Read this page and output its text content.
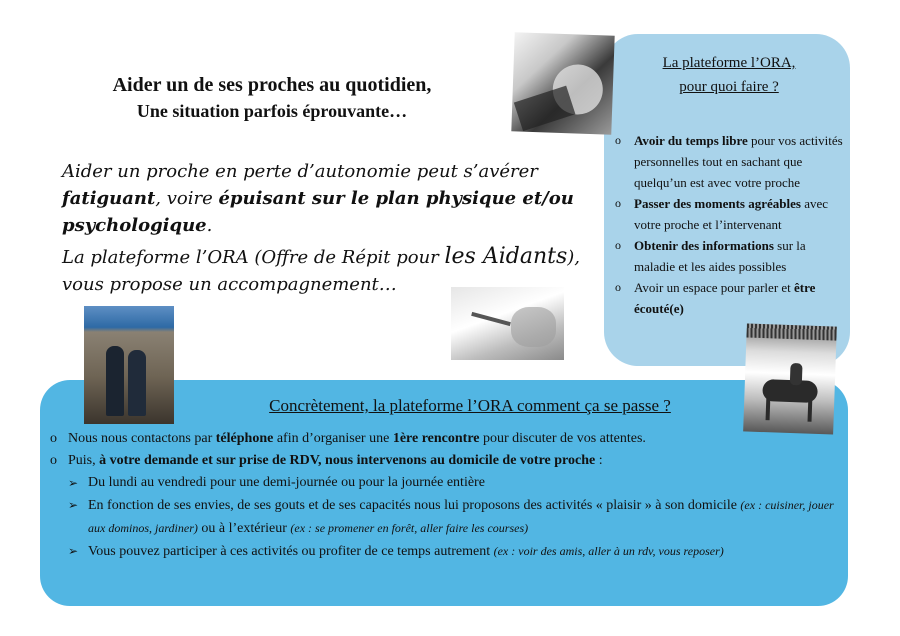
Aider un de ses proches au quotidien,
Une situation parfois éprouvante…
Aider un proche en perte d’autonomie peut s’avérer fatiguant, voire épuisant sur le plan physique et/ou psychologique.
La plateforme l’ORA (Offre de Répit pour les Aidants), vous propose un accompagnement…
La plateforme l’ORA,
pour quoi faire ?
o Avoir du temps libre pour vos activités personnelles tout en sachant que quelqu’un est avec votre proche
o Passer des moments agréables avec votre proche et l’intervenant
o Obtenir des informations sur la maladie et les aides possibles
o Avoir un espace pour parler et être écouté(e)
Concrètement, la plateforme l’ORA comment ça se passe ?
o Nous nous contactons par téléphone afin d’organiser une 1ère rencontre pour discuter de vos attentes.
o Puis, à votre demande et sur prise de RDV, nous intervenons au domicile de votre proche :
➢ Du lundi au vendredi pour une demi-journée ou pour la journée entière
➢ En fonction de ses envies, de ses gouts et de ses capacités nous lui proposons des activités « plaisir » à son domicile (ex : cuisiner, jouer aux dominos, jardiner) ou à l’extérieur (ex : se promener en forêt, aller faire les courses)
➢ Vous pouvez participer à ces activités ou profiter de ce temps autrement (ex : voir des amis, aller à un rdv, vous reposer)
